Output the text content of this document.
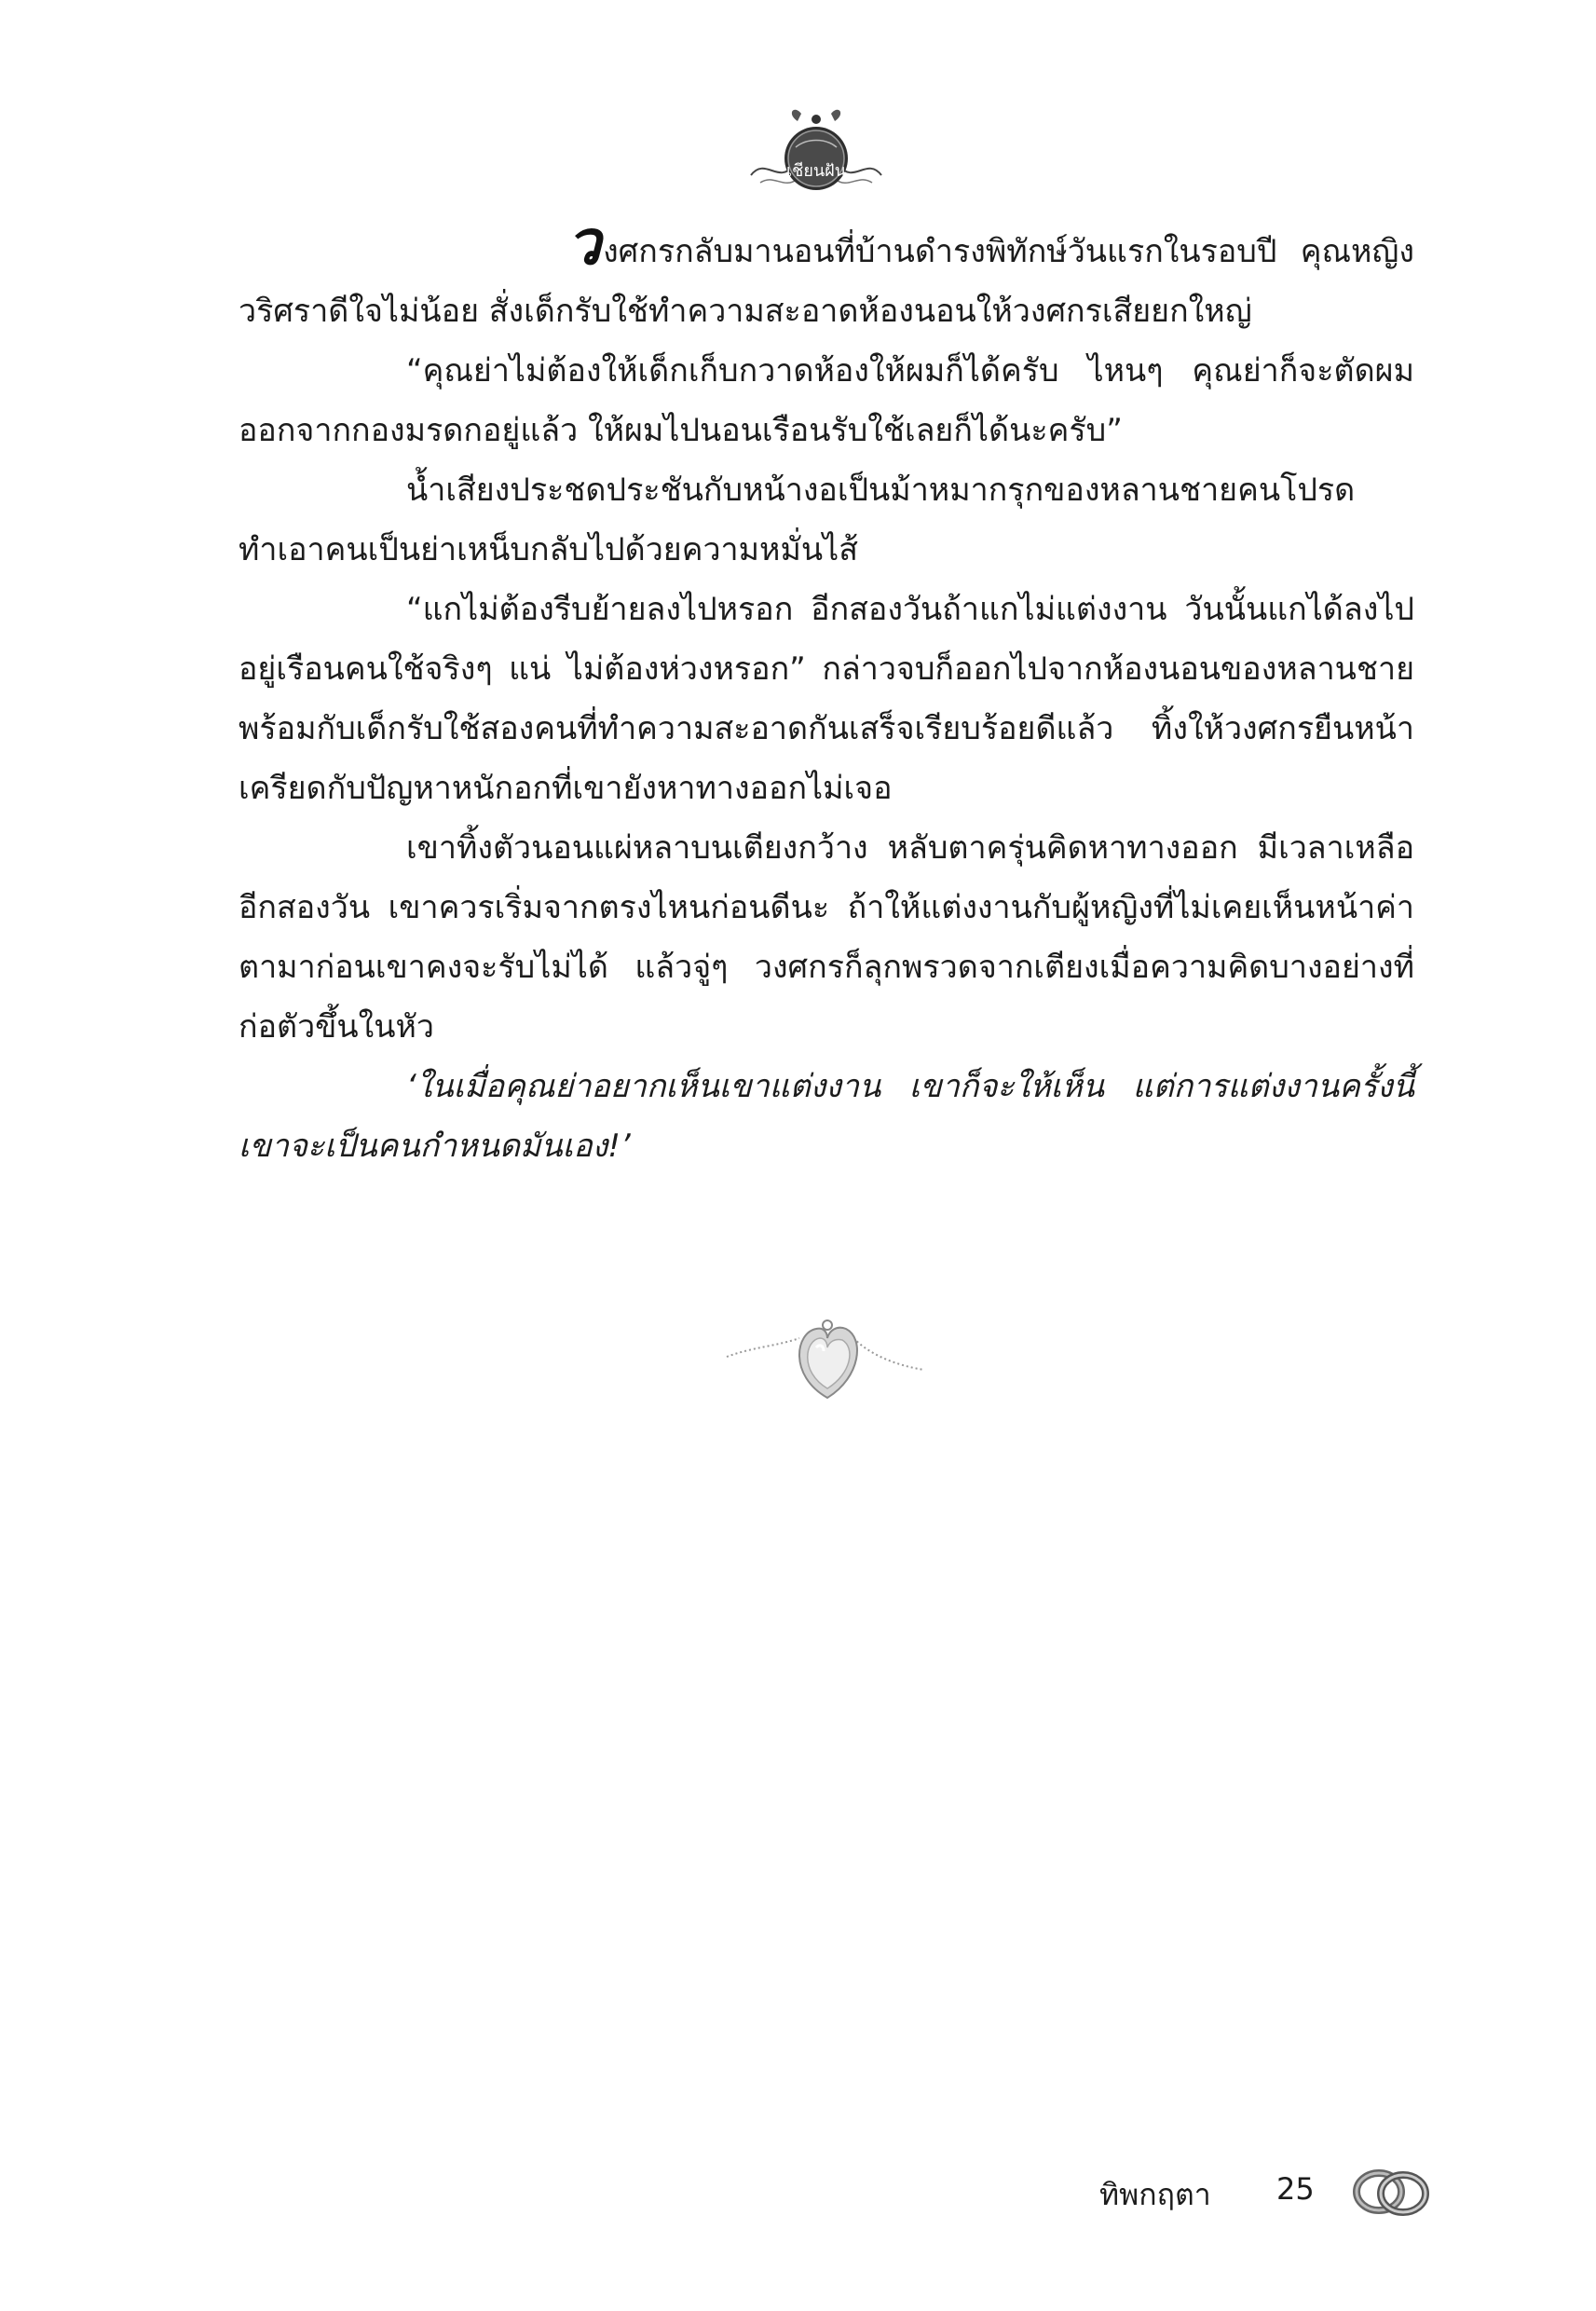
เชียนฝัน

วงศกรกลับมานอนที่บ้านดำรงพิทักษ์วันแรกในรอบปี คุณหญิงวริศราดีใจไม่น้อย สั่งเด็กรับใช้ทำความสะอาดห้องนอนให้วงศกรเสียยกใหญ่

“คุณย่าไม่ต้องให้เด็กเก็บกวาดห้องให้ผมก็ได้ครับ ไหนๆ คุณย่าก็จะตัดผมออกจากกองมรดกอยู่แล้ว ให้ผมไปนอนเรือนรับใช้เลยก็ได้นะครับ”

น้ำเสียงประชดประชันกับหน้างอเป็นม้าหมากรุกของหลานชายคนโปรดทำเอาคนเป็นย่าเหน็บกลับไปด้วยความหมั่นไส้

“แกไม่ต้องรีบย้ายลงไปหรอก อีกสองวันถ้าแกไม่แต่งงาน วันนั้นแกได้ลงไปอยู่เรือนคนใช้จริงๆ แน่ ไม่ต้องห่วงหรอก” กล่าวจบก็ออกไปจากห้องนอนของหลานชายพร้อมกับเด็กรับใช้สองคนที่ทำความสะอาดกันเสร็จเรียบร้อยดีแล้ว ทิ้งให้วงศกรยืนหน้าเครียดกับปัญหาหนักอกที่เขายังหาทางออกไม่เจอ

เขาทิ้งตัวนอนแผ่หลาบนเตียงกว้าง หลับตาครุ่นคิดหาทางออก มีเวลาเหลืออีกสองวัน เขาควรเริ่มจากตรงไหนก่อนดีนะ ถ้าให้แต่งงานกับผู้หญิงที่ไม่เคยเห็นหน้าค่าตามาก่อนเขาคงจะรับไม่ได้ แล้วจู่ๆ วงศกรก็ลุกพรวดจากเตียงเมื่อความคิดบางอย่างที่ก่อตัวขึ้นในหัว

‘ในเมื่อคุณย่าอยากเห็นเขาแต่งงาน เขาก็จะให้เห็น แต่การแต่งงานครั้งนี้เขาจะเป็นคนกำหนดมันเอง!’

ทิพกฤตา 25
